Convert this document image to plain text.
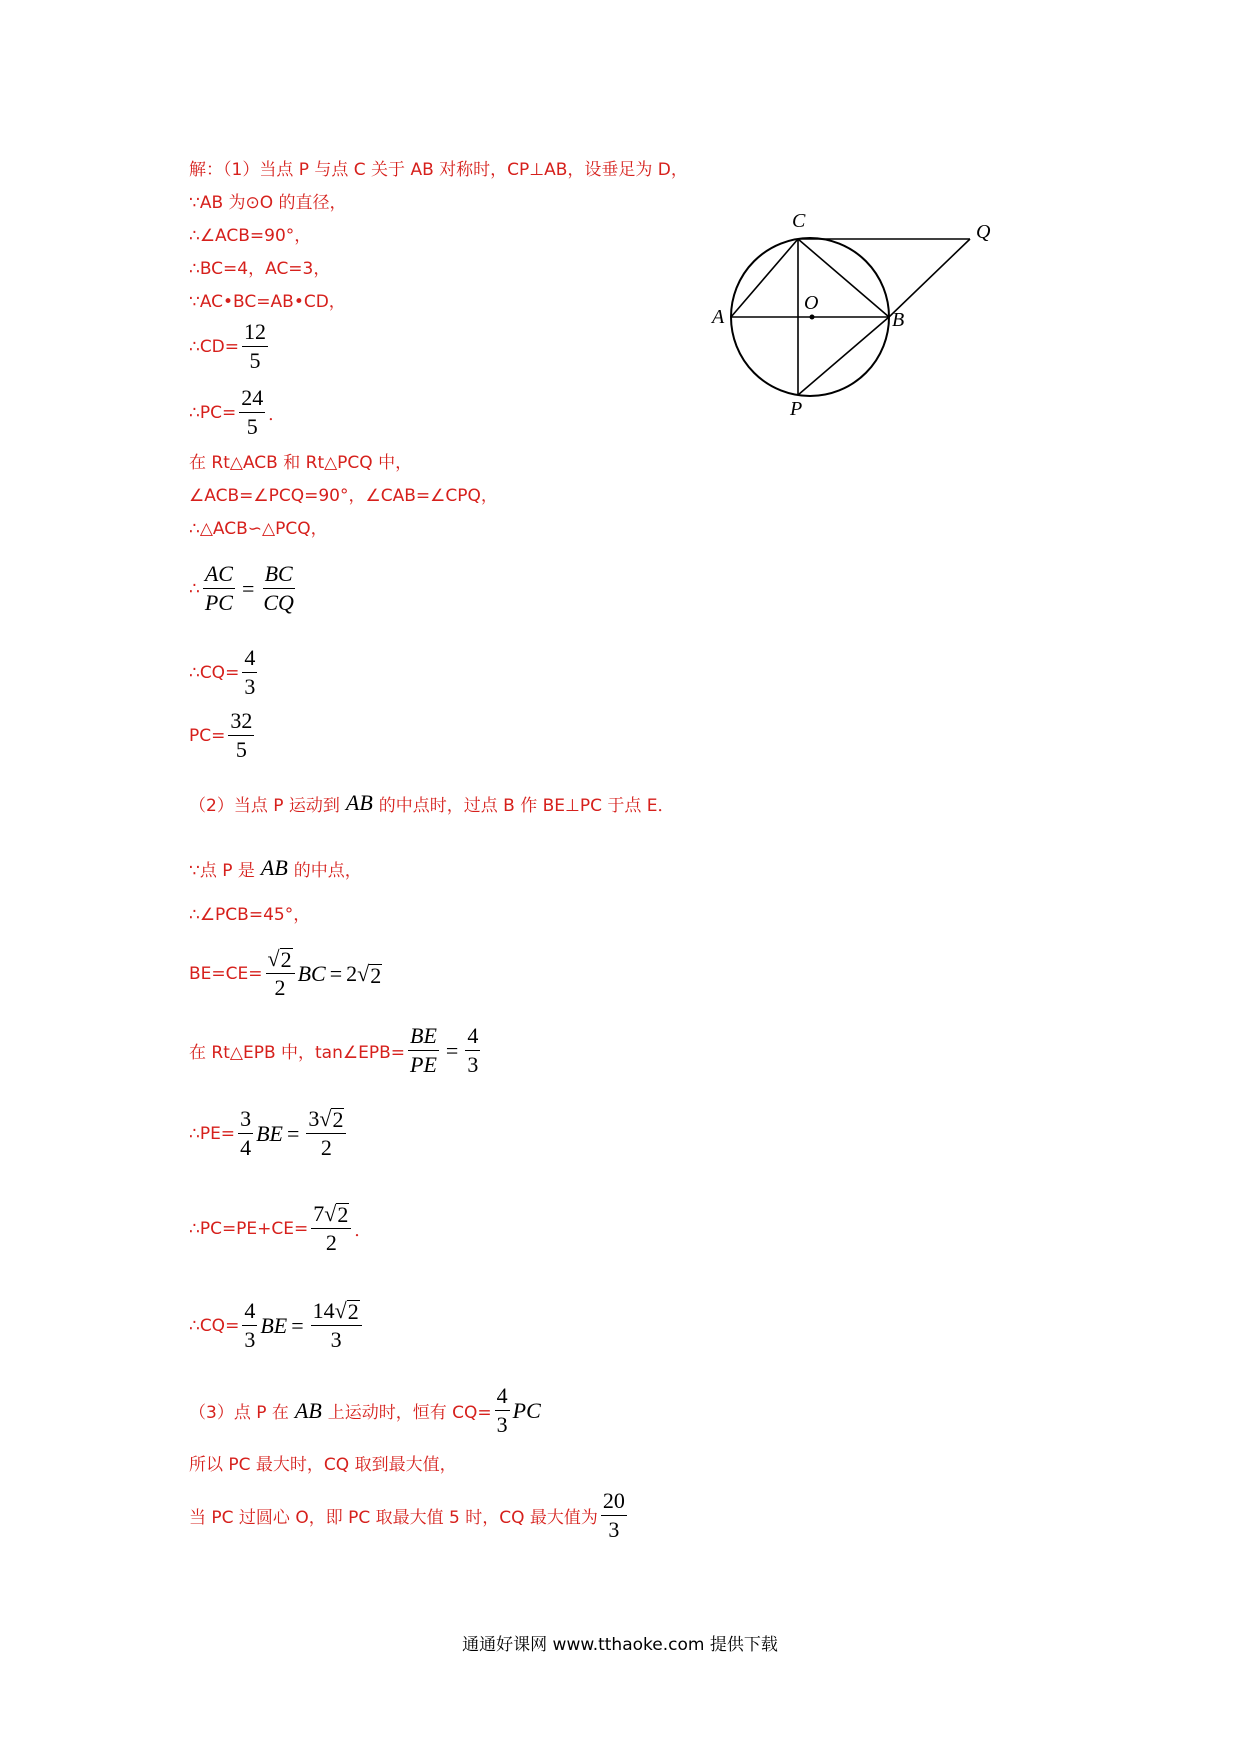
C	Q
O
A	B
P
解：（1）当点 P 与点 C 关于 AB 对称时，CP⊥AB，设垂足为 D，
∵AB 为⊙O 的直径，
∴∠ACB=90°，
∴BC=4，AC=3，
∵AC•BC=AB•CD，
∴CD= $\frac{12}{5}$
∴PC= $\frac{24}{5}$ ．
在 Rt△ACB 和 Rt△PCQ 中，
∠ACB=∠PCQ=90°，∠CAB=∠CPQ，
∴△ACB∽△PCQ，
∴ $\frac{AC}{PC} = \frac{BC}{CQ}$
∴CQ= $\frac{4}{3}$
$PC= \frac{32}{5}$
（2）当点 P 运动到 AB 的中点时，过点 B 作 BE⊥PC 于点 E．
∵点 P 是 AB 的中点，
∴∠PCB=45°，
$BE=CE= \frac{√ 2}{2}$ BC = 2 √ 2
在 Rt△EPB 中，tan∠EPB= $\frac{BE}{PE} = \frac{4}{3}$
∴PE= $\frac{3}{4}$ BE = $\frac{3 √ 2}{2}$
∴PC=PE+CE= $\frac{7 √ 2}{2}$ ．
∴CQ= $\frac{4}{3}$ BE = $\frac{14 √ 2}{3}$
（3）点 P 在 AB 上运动时，恒有 $CQ= \frac{4}{3}$ PC
所以 PC 最大时，CQ 取到最大值，
当 PC 过圆心 O，即 PC 取最大值 5 时，CQ 最大值为 $\frac{20}{3}$
通通好课网 www.tthaoke.com 提供下载
